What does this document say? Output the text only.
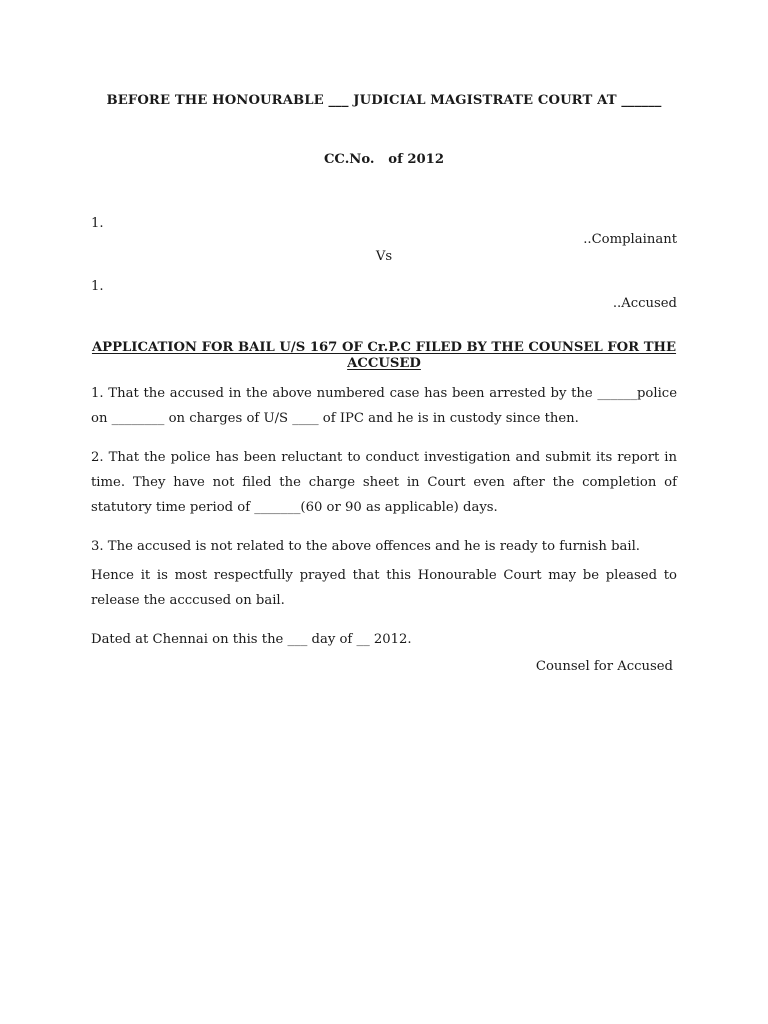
BEFORE THE HONOURABLE ___ JUDICIAL MAGISTRATE COURT AT ______
CC.No.   of 2012
1.
..Complainant
Vs
1.
..Accused
APPLICATION FOR BAIL U/S 167 OF Cr.P.C FILED BY THE COUNSEL FOR THE ACCUSED

1. That the accused in the above numbered case has been arrested by the ______police on ________ on charges of U/S ____ of IPC and he is in custody since then.

2. That the police has been reluctant to conduct investigation and submit its report in time. They have not filed the charge sheet in Court even after the completion of statutory time period of _______(60 or 90 as applicable) days.

3. The accused is not related to the above offences and he is ready to furnish bail.

Hence it is most respectfully prayed that this Honourable Court may be pleased to release the acccused on bail.

Dated at Chennai on this the ___ day of __ 2012.

Counsel for Accused
